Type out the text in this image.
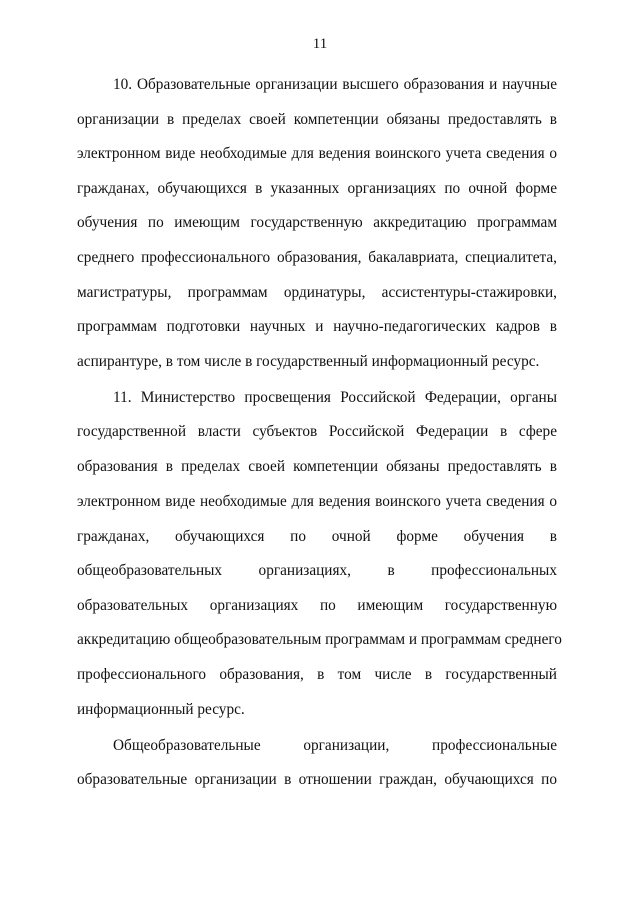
11
10. Образовательные организации высшего образования и научные
организации в пределах своей компетенции обязаны предоставлять в
электронном виде необходимые для ведения воинского учета сведения о
гражданах, обучающихся в указанных организациях по очной форме
обучения по имеющим государственную аккредитацию программам
среднего профессионального образования, бакалавриата, специалитета,
магистратуры, программам ординатуры, ассистентуры-стажировки,
программам подготовки научных и научно-педагогических кадров в
аспирантуре, в том числе в государственный информационный ресурс.
11. Министерство просвещения Российской Федерации, органы
государственной власти субъектов Российской Федерации в сфере
образования в пределах своей компетенции обязаны предоставлять в
электронном виде необходимые для ведения воинского учета сведения о
гражданах, обучающихся по очной форме обучения в
общеобразовательных организациях, в профессиональных
образовательных организациях по имеющим государственную
аккредитацию общеобразовательным программам и программам среднего
профессионального образования, в том числе в государственный
информационный ресурс.
Общеобразовательные организации, профессиональные
образовательные организации в отношении граждан, обучающихся по
